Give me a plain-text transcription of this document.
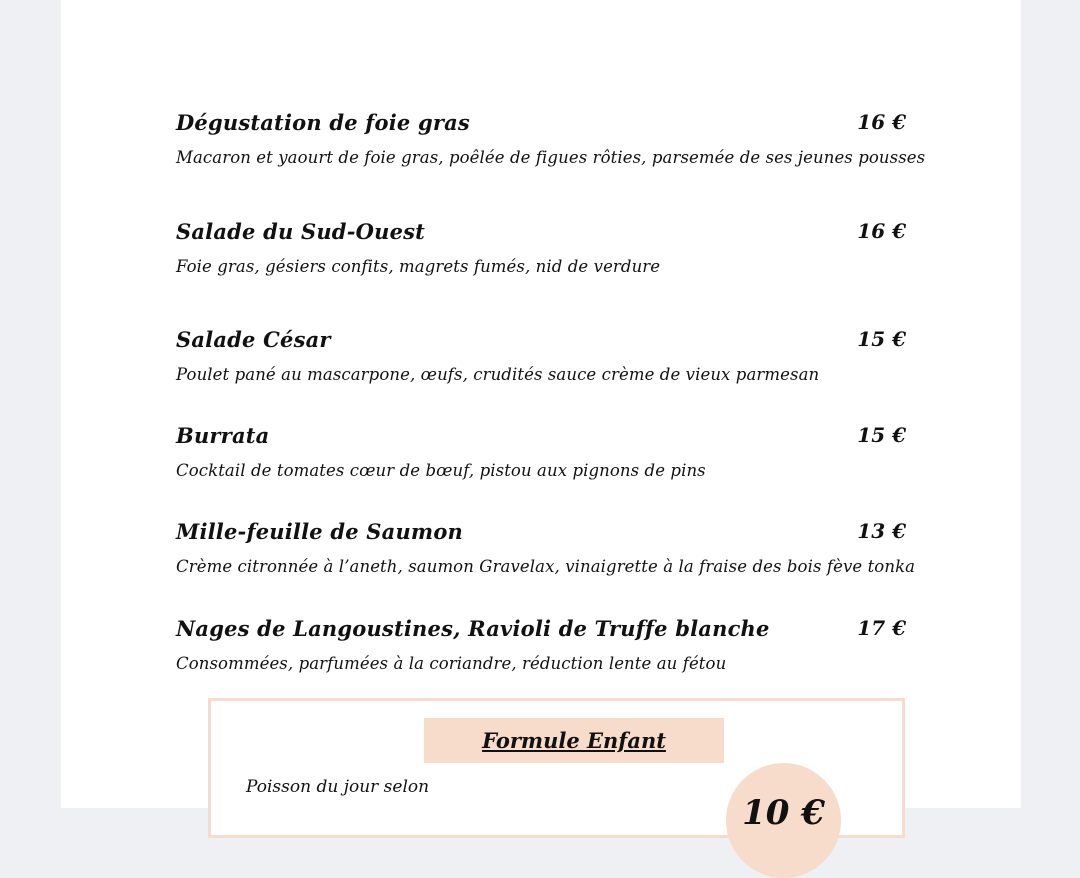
Dégustation de foie gras	16 €
Macaron et yaourt de foie gras, poêlée de figues rôties, parsemée de ses jeunes pousses
Salade du Sud-Ouest	16 €
Foie gras, gésiers confits, magrets fumés, nid de verdure
Salade César	15 €
Poulet pané au mascarpone, œufs, crudités sauce crème de vieux parmesan
Burrata	15 €
Cocktail de tomates cœur de bœuf, pistou aux pignons de pins
Mille-feuille de Saumon	13 €
Crème citronnée à l’aneth, saumon Gravelax, vinaigrette à la fraise des bois fève tonka
Nages de Langoustines, Ravioli de Truffe blanche	17 €
Consommées, parfumées à la coriandre, réduction lente au fétou
Formule Enfant
Poisson du jour selon
10 €
